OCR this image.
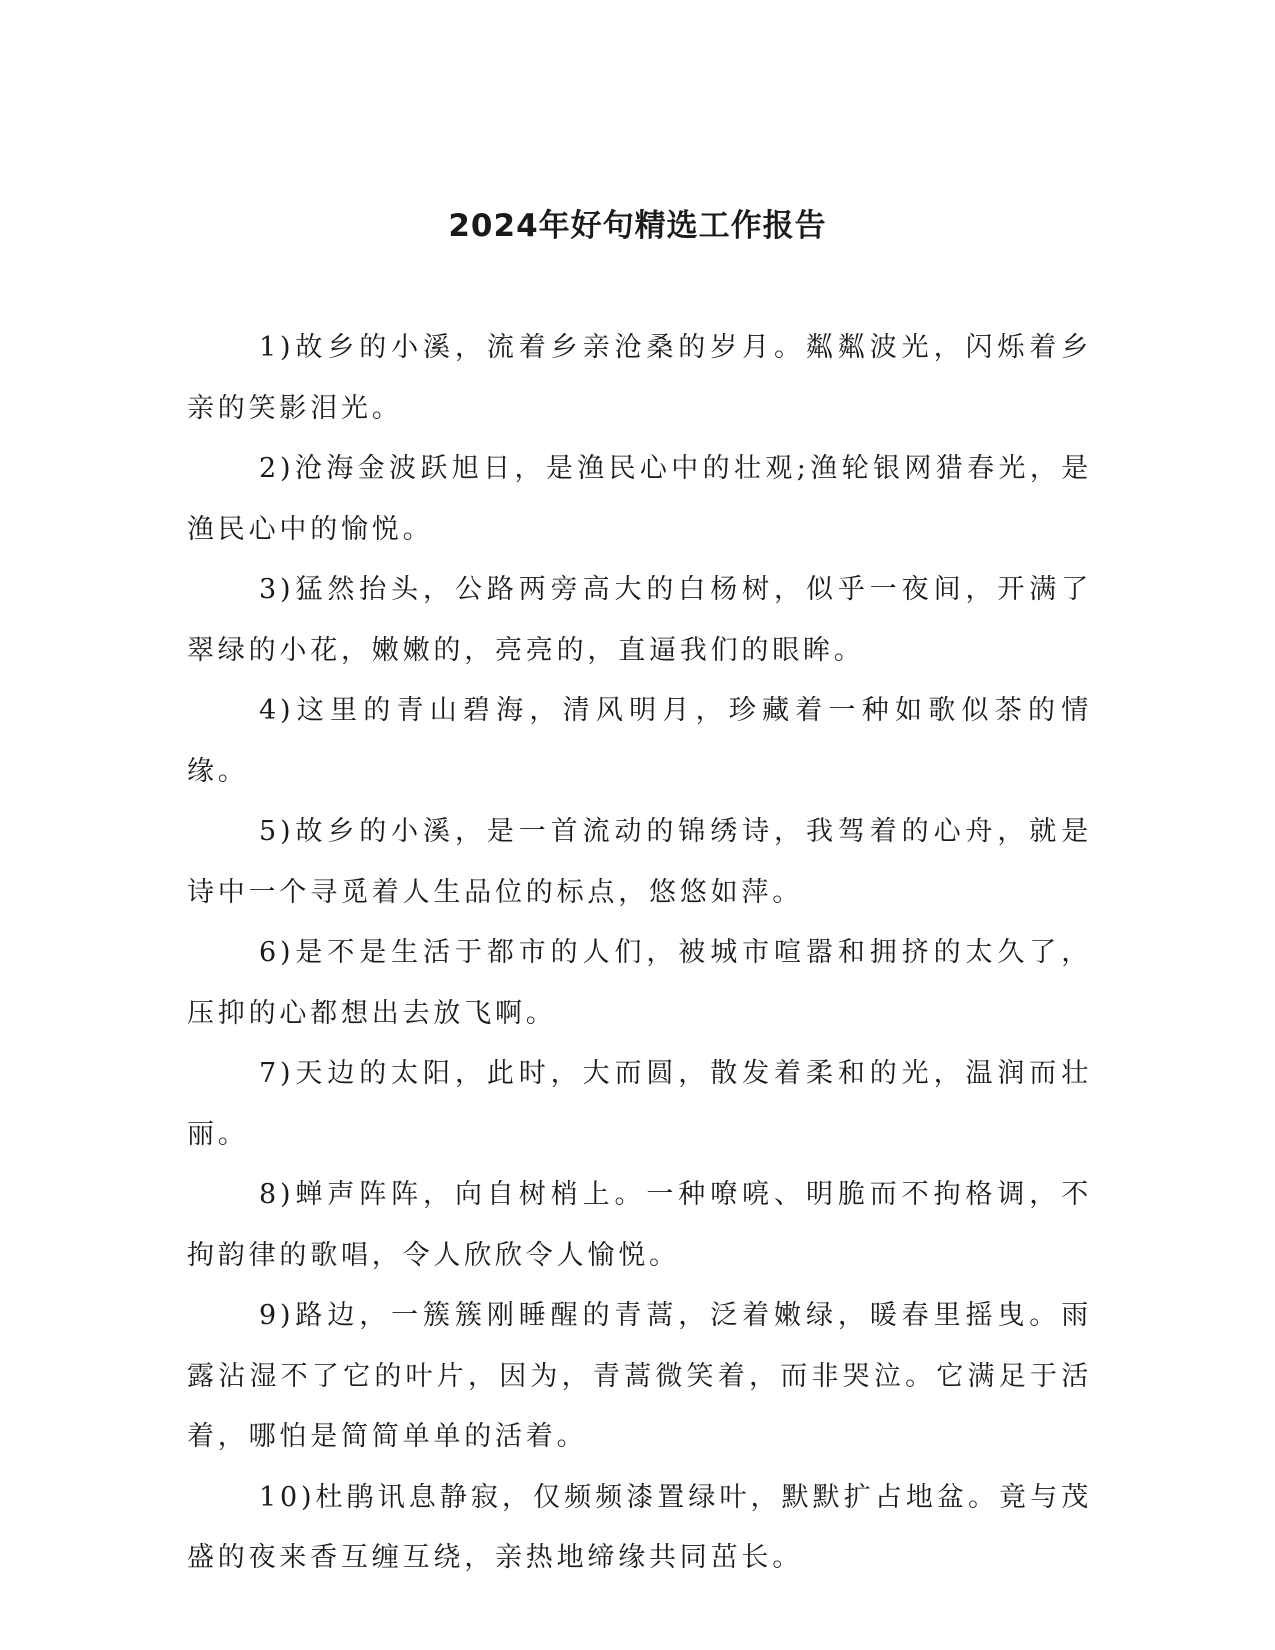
2024年好句精选工作报告

1)故乡的小溪，流着乡亲沧桑的岁月。粼粼波光，闪烁着乡亲的笑影泪光。

2)沧海金波跃旭日，是渔民心中的壮观;渔轮银网猎春光，是渔民心中的愉悦。

3)猛然抬头，公路两旁高大的白杨树，似乎一夜间，开满了翠绿的小花，嫩嫩的，亮亮的，直逼我们的眼眸。

4)这里的青山碧海，清风明月，珍藏着一种如歌似茶的情缘。

5)故乡的小溪，是一首流动的锦绣诗，我驾着的心舟，就是诗中一个寻觅着人生品位的标点，悠悠如萍。

6)是不是生活于都市的人们，被城市喧嚣和拥挤的太久了，压抑的心都想出去放飞啊。

7)天边的太阳，此时，大而圆，散发着柔和的光，温润而壮丽。

8)蝉声阵阵，向自树梢上。一种嘹喨、明脆而不拘格调，不拘韵律的歌唱，令人欣欣令人愉悦。

9)路边，一簇簇刚睡醒的青蒿，泛着嫩绿，暖春里摇曳。雨露沾湿不了它的叶片，因为，青蒿微笑着，而非哭泣。它满足于活着，哪怕是简简单单的活着。

10)杜鹃讯息静寂，仅频频漆置绿叶，默默扩占地盆。竟与茂盛的夜来香互缠互绕，亲热地缔缘共同茁长。
